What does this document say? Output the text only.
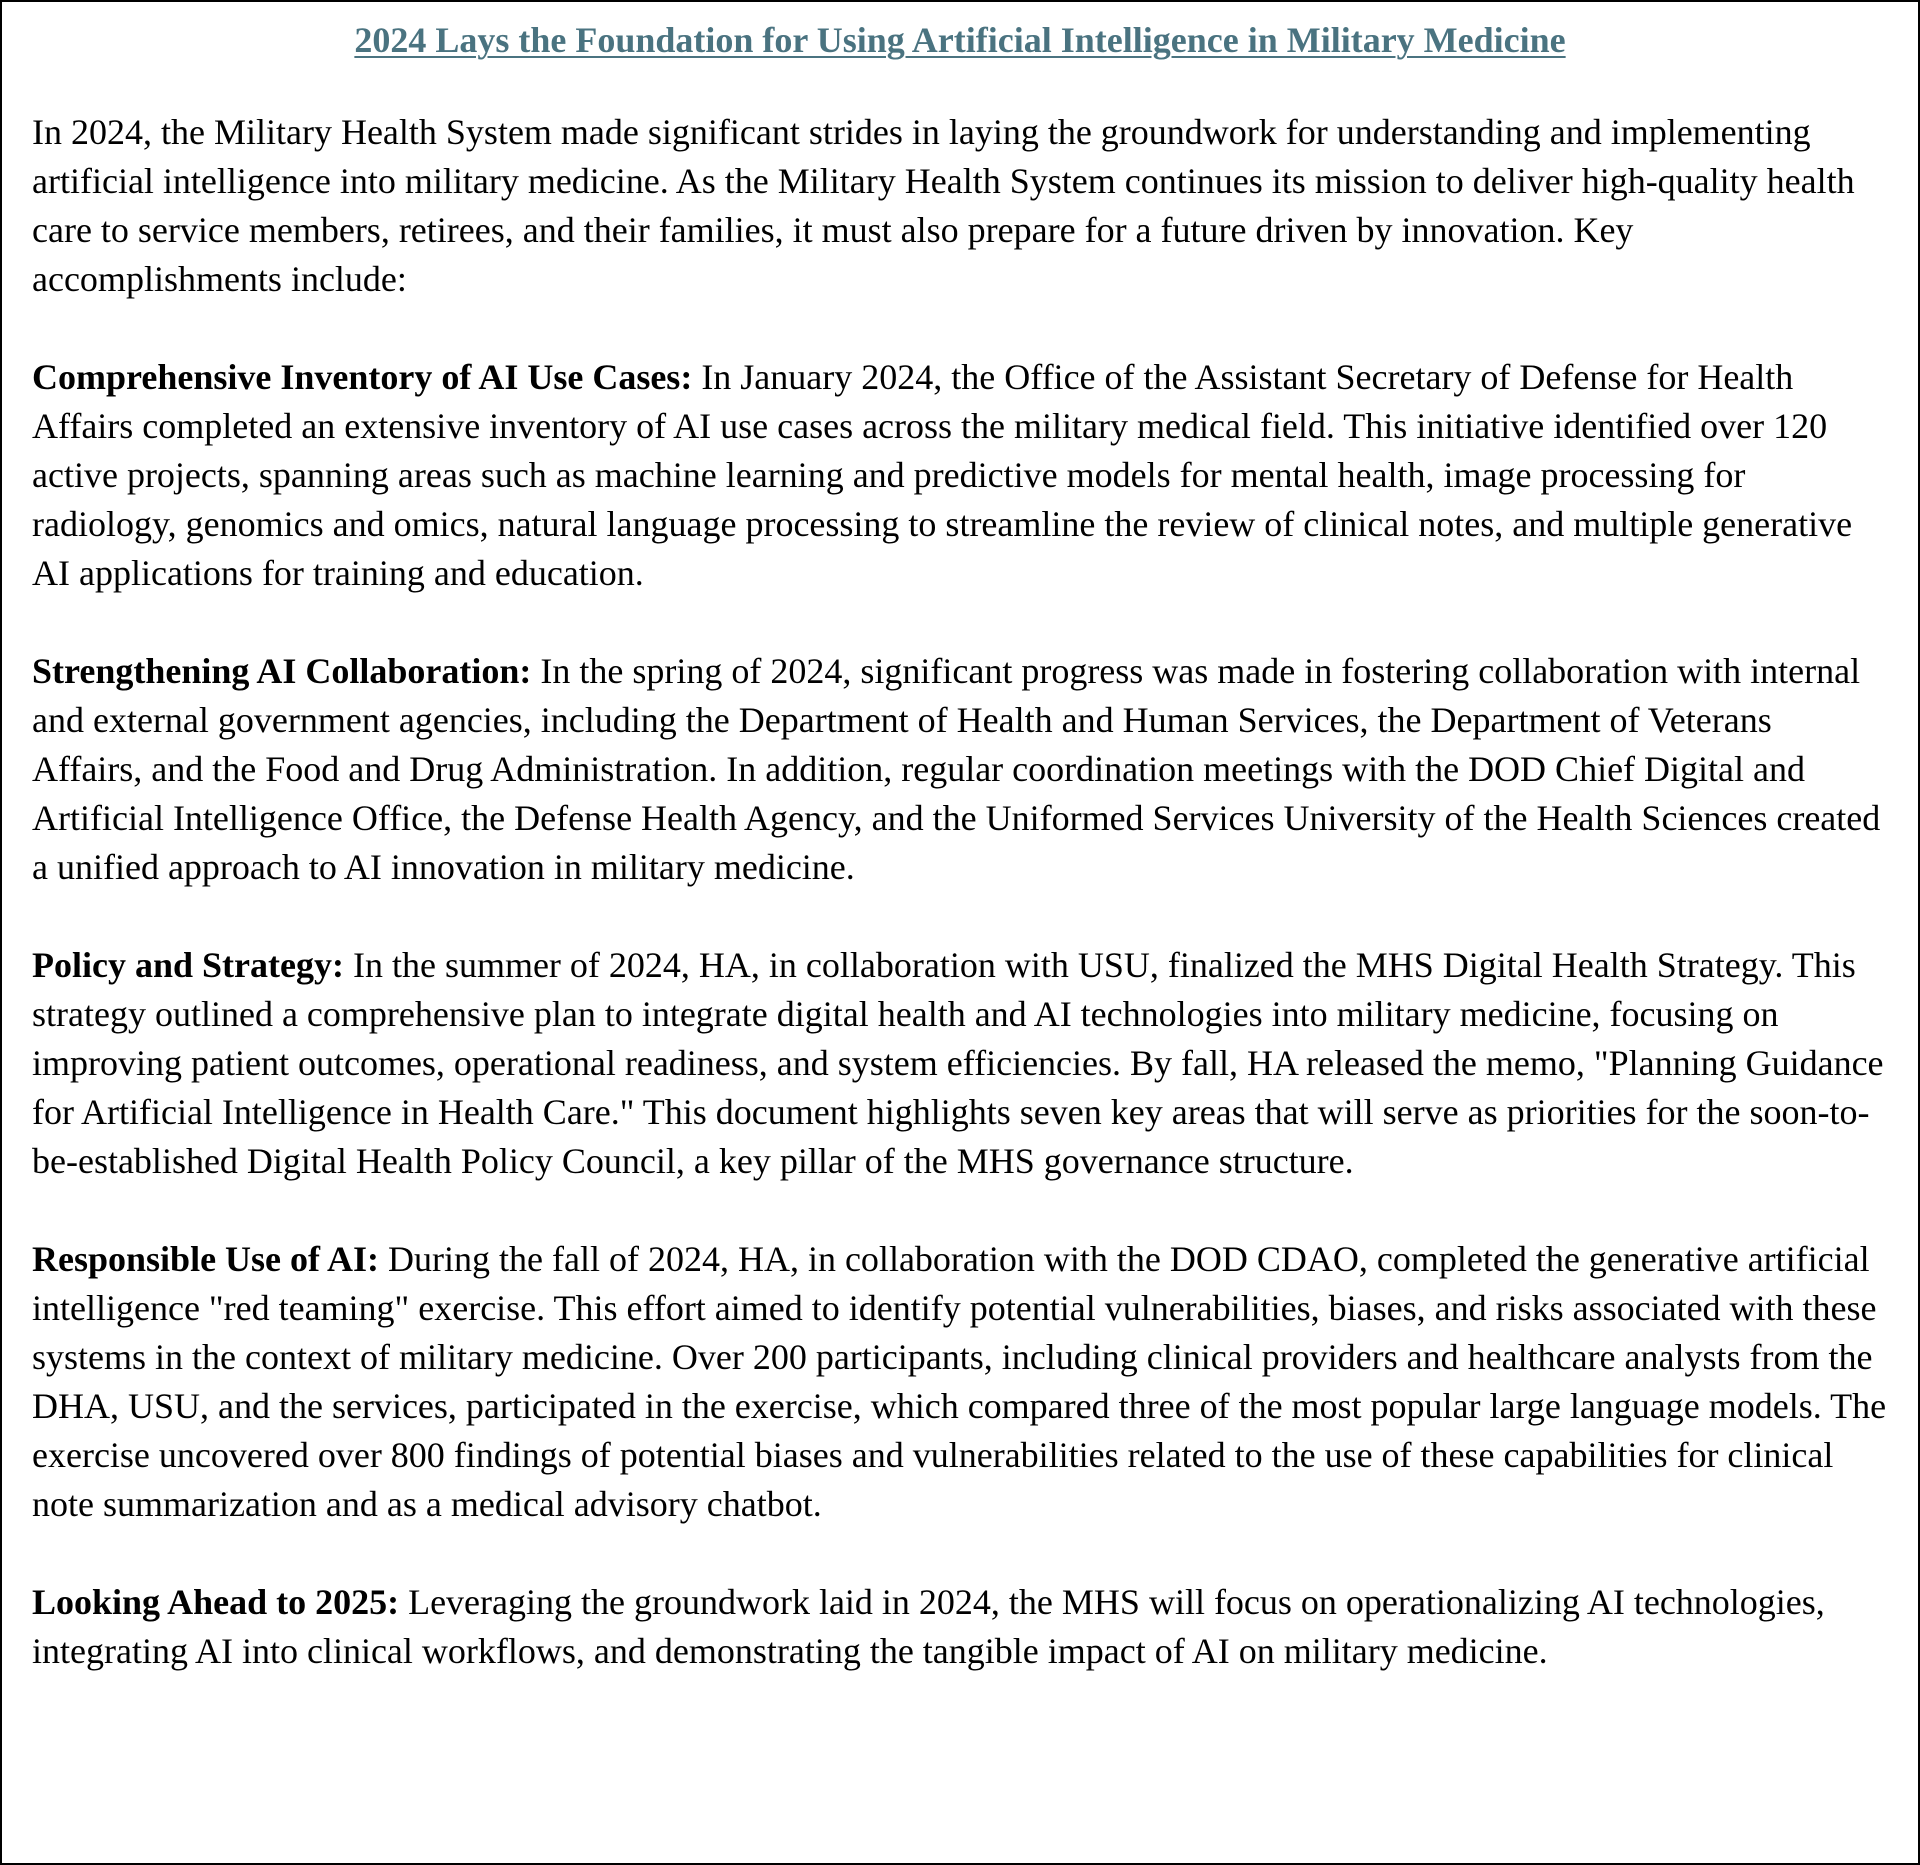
2024 Lays the Foundation for Using Artificial Intelligence in Military Medicine

In 2024, the Military Health System made significant strides in laying the groundwork for understanding and implementing artificial intelligence into military medicine. As the Military Health System continues its mission to deliver high-quality health care to service members, retirees, and their families, it must also prepare for a future driven by innovation. Key accomplishments include:

Comprehensive Inventory of AI Use Cases: In January 2024, the Office of the Assistant Secretary of Defense for Health Affairs completed an extensive inventory of AI use cases across the military medical field. This initiative identified over 120 active projects, spanning areas such as machine learning and predictive models for mental health, image processing for radiology, genomics and omics, natural language processing to streamline the review of clinical notes, and multiple generative AI applications for training and education.

Strengthening AI Collaboration: In the spring of 2024, significant progress was made in fostering collaboration with internal and external government agencies, including the Department of Health and Human Services, the Department of Veterans Affairs, and the Food and Drug Administration. In addition, regular coordination meetings with the DOD Chief Digital and Artificial Intelligence Office, the Defense Health Agency, and the Uniformed Services University of the Health Sciences created a unified approach to AI innovation in military medicine.

Policy and Strategy: In the summer of 2024, HA, in collaboration with USU, finalized the MHS Digital Health Strategy. This strategy outlined a comprehensive plan to integrate digital health and AI technologies into military medicine, focusing on improving patient outcomes, operational readiness, and system efficiencies. By fall, HA released the memo, "Planning Guidance for Artificial Intelligence in Health Care." This document highlights seven key areas that will serve as priorities for the soon-to-be-established Digital Health Policy Council, a key pillar of the MHS governance structure.

Responsible Use of AI: During the fall of 2024, HA, in collaboration with the DOD CDAO, completed the generative artificial intelligence "red teaming" exercise. This effort aimed to identify potential vulnerabilities, biases, and risks associated with these systems in the context of military medicine. Over 200 participants, including clinical providers and healthcare analysts from the DHA, USU, and the services, participated in the exercise, which compared three of the most popular large language models. The exercise uncovered over 800 findings of potential biases and vulnerabilities related to the use of these capabilities for clinical note summarization and as a medical advisory chatbot.

Looking Ahead to 2025: Leveraging the groundwork laid in 2024, the MHS will focus on operationalizing AI technologies, integrating AI into clinical workflows, and demonstrating the tangible impact of AI on military medicine.
